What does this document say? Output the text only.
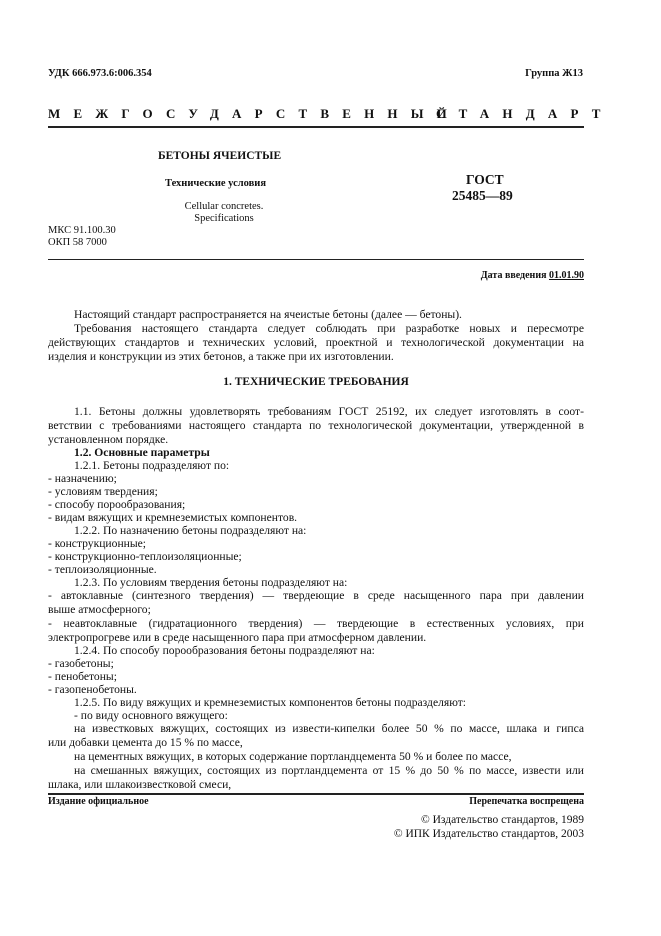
УДК 666.973.6:006.354	Группа Ж13
МЕЖГОСУДАРСТВЕННЫЙ
СТАНДАРТ
БЕТОНЫ ЯЧЕИСТЫЕ
Технические условия
Cellular concretes.
Specifications
ГОСТ
25485—89
МКС 91.100.30
ОКП 58 7000
Дата введения 01.01.90
Настоящий стандарт распространяется на ячеистые бетоны (далее — бетоны).
Требования настоящего стандарта следует соблюдать при разработке новых и пересмотре
действующих стандартов и технических условий, проектной и технологической документации на
изделия и конструкции из этих бетонов, а также при их изготовлении.
1. ТЕХНИЧЕСКИЕ ТРЕБОВАНИЯ
1.1. Бетоны должны удовлетворять требованиям ГОСТ 25192, их следует изготовлять в соот-
ветствии с требованиями настоящего стандарта по технологической документации, утвержденной в
установленном порядке.
1.2. Основные параметры
1.2.1. Бетоны подразделяют по:
- назначению;
- условиям твердения;
- способу порообразования;
- видам вяжущих и кремнеземистых компонентов.
1.2.2. По назначению бетоны подразделяют на:
- конструкционные;
- конструкционно-теплоизоляционные;
- теплоизоляционные.
1.2.3. По условиям твердения бетоны подразделяют на:
- автоклавные (синтезного твердения) — твердеющие в среде насыщенного пара при давлении
выше атмосферного;
- неавтоклавные (гидратационного твердения) — твердеющие в естественных условиях, при
электропрогреве или в среде насыщенного пара при атмосферном давлении.
1.2.4. По способу порообразования бетоны подразделяют на:
- газобетоны;
- пенобетоны;
- газопенобетоны.
1.2.5. По виду вяжущих и кремнеземистых компонентов бетоны подразделяют:
- по виду основного вяжущего:
на известковых вяжущих, состоящих из извести-кипелки более 50 % по массе, шлака и гипса
или добавки цемента до 15 % по массе,
на цементных вяжущих, в которых содержание портландцемента 50 % и более по массе,
на смешанных вяжущих, состоящих из портландцемента от 15 % до 50 % по массе, извести или
шлака, или шлакоизвестковой смеси,
Издание официальное	Перепечатка воспрещена
© Издательство стандартов, 1989
© ИПК Издательство стандартов, 2003
